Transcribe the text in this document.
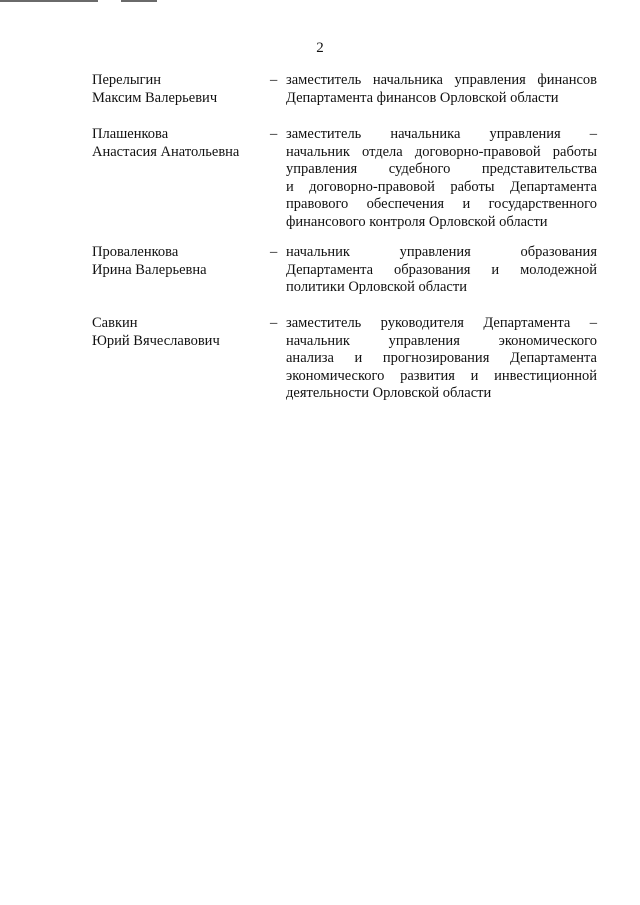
2
Перелыгин
Максим Валерьевич
– заместитель начальника управления финансов
Департамента финансов Орловской области
Плашенкова
Анастасия Анатольевна
– заместитель начальника управления –
начальник отдела договорно-правовой работы
управления судебного представительства
и договорно-правовой работы Департамента
правового обеспечения и государственного
финансового контроля Орловской области
Проваленкова
Ирина Валерьевна
– начальник управления образования
Департамента образования и молодежной
политики Орловской области
Савкин
Юрий Вячеславович
– заместитель руководителя Департамента –
начальник управления экономического
анализа и прогнозирования Департамента
экономического развития и инвестиционной
деятельности Орловской области
